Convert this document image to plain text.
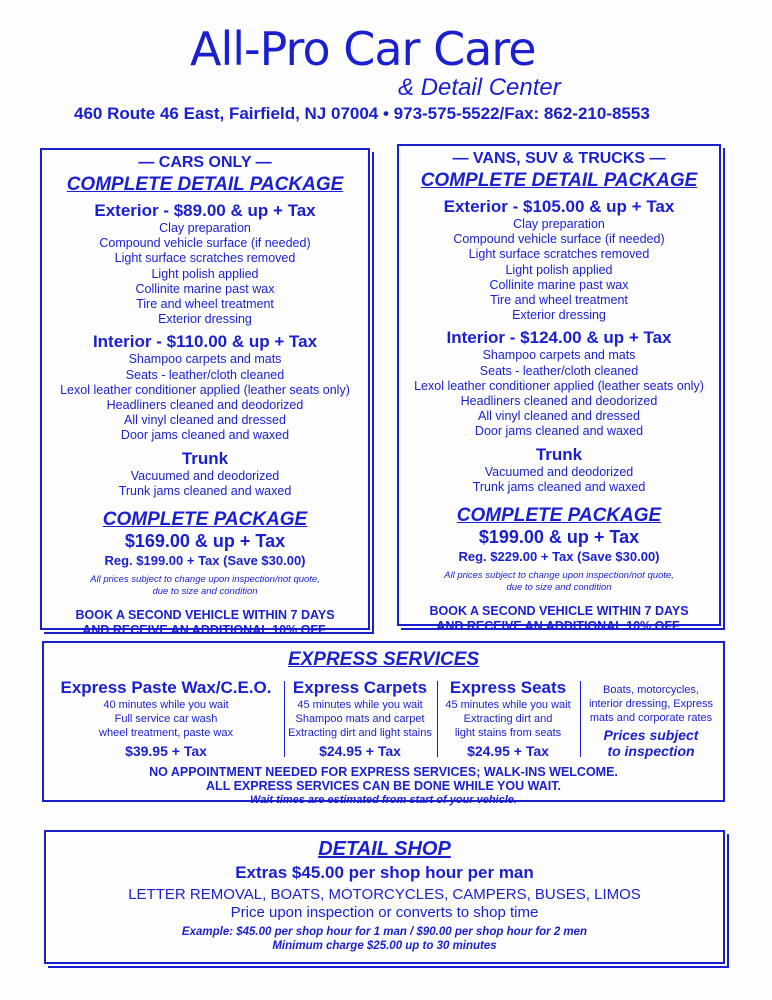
All-Pro Car Care
& Detail Center
460 Route 46 East, Fairfield, NJ 07004 • 973-575-5522/Fax: 862-210-8553
— CARS ONLY —
COMPLETE DETAIL PACKAGE
Exterior - $89.00 & up + Tax
Clay preparation
Compound vehicle surface (if needed)
Light surface scratches removed
Light polish applied
Collinite marine past wax
Tire and wheel treatment
Exterior dressing
Interior - $110.00 & up + Tax
Shampoo carpets and mats
Seats - leather/cloth cleaned
Lexol leather conditioner applied (leather seats only)
Headliners cleaned and deodorized
All vinyl cleaned and dressed
Door jams cleaned and waxed
Trunk
Vacuumed and deodorized
Trunk jams cleaned and waxed
COMPLETE PACKAGE
$169.00 & up + Tax
Reg. $199.00 + Tax (Save $30.00)
All prices subject to change upon inspection/not quote,
due to size and condition
BOOK A SECOND VEHICLE WITHIN 7 DAYS
AND RECEIVE AN ADDITIONAL 10% OFF.
— VANS, SUV & TRUCKS —
COMPLETE DETAIL PACKAGE
Exterior - $105.00 & up + Tax
Clay preparation
Compound vehicle surface (if needed)
Light surface scratches removed
Light polish applied
Collinite marine past wax
Tire and wheel treatment
Exterior dressing
Interior - $124.00 & up + Tax
Shampoo carpets and mats
Seats - leather/cloth cleaned
Lexol leather conditioner applied (leather seats only)
Headliners cleaned and deodorized
All vinyl cleaned and dressed
Door jams cleaned and waxed
Trunk
Vacuumed and deodorized
Trunk jams cleaned and waxed
COMPLETE PACKAGE
$199.00 & up + Tax
Reg. $229.00 + Tax (Save $30.00)
All prices subject to change upon inspection/not quote,
due to size and condition
BOOK A SECOND VEHICLE WITHIN 7 DAYS
AND RECEIVE AN ADDITIONAL 10% OFF.
EXPRESS SERVICES
Express Paste Wax/C.E.O.
40 minutes while you wait
Full service car wash
wheel treatment, paste wax
$39.95 + Tax
Express Carpets
45 minutes while you wait
Shampoo mats and carpet
Extracting dirt and light stains
$24.95 + Tax
Express Seats
45 minutes while you wait
Extracting dirt and
light stains from seats
$24.95 + Tax
Boats, motorcycles,
interior dressing, Express
mats and corporate rates
Prices subject
to inspection
NO APPOINTMENT NEEDED FOR EXPRESS SERVICES; WALK-INS WELCOME.
ALL EXPRESS SERVICES CAN BE DONE WHILE YOU WAIT.
Wait times are estimated from start of your vehicle.
DETAIL SHOP
Extras $45.00 per shop hour per man
LETTER REMOVAL, BOATS, MOTORCYCLES, CAMPERS, BUSES, LIMOS
Price upon inspection or converts to shop time
Example: $45.00 per shop hour for 1 man / $90.00 per shop hour for 2 men
Minimum charge $25.00 up to 30 minutes
